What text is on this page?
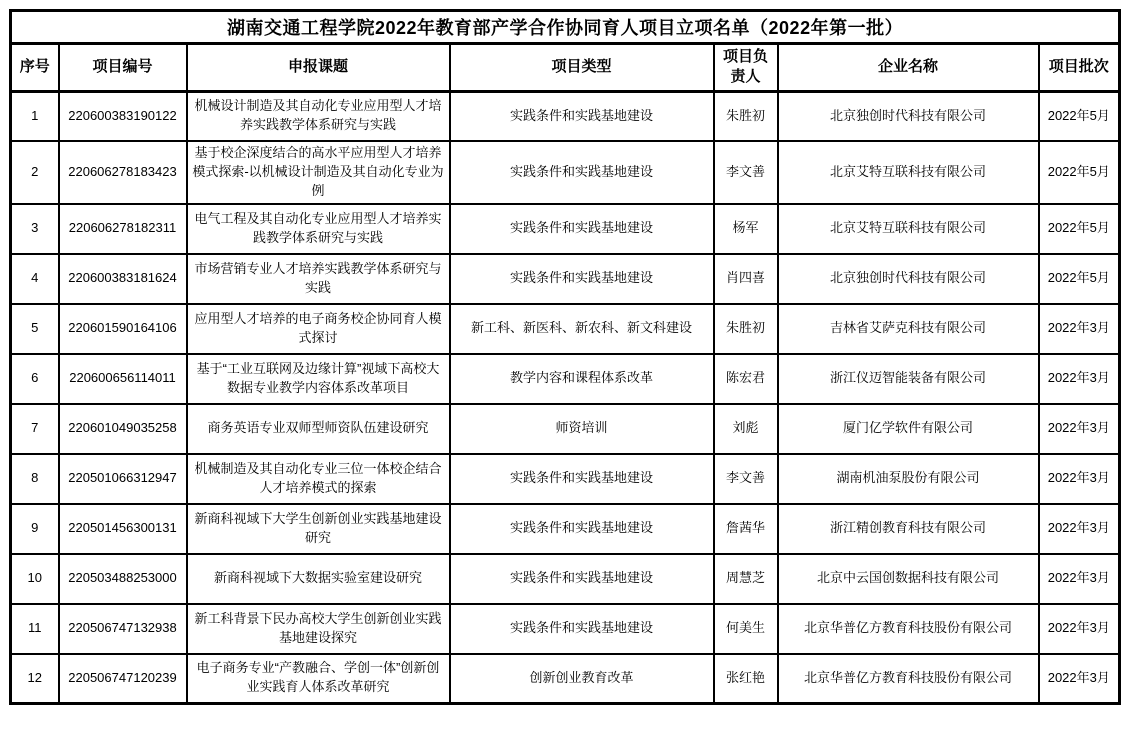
湖南交通工程学院2022年教育部产学合作协同育人项目立项名单（2022年第一批）						
序号	项目编号	申报课题	项目类型	项目负责人	企业名称	项目批次
1	220600383190122	机械设计制造及其自动化专业应用型人才培养实践教学体系研究与实践	实践条件和实践基地建设	朱胜初	北京独创时代科技有限公司	2022年5月
2	220606278183423	基于校企深度结合的高水平应用型人才培养模式探索-以机械设计制造及其自动化专业为例	实践条件和实践基地建设	李文善	北京艾特互联科技有限公司	2022年5月
3	220606278182311	电气工程及其自动化专业应用型人才培养实践教学体系研究与实践	实践条件和实践基地建设	杨军	北京艾特互联科技有限公司	2022年5月
4	220600383181624	市场营销专业人才培养实践教学体系研究与实践	实践条件和实践基地建设	肖四喜	北京独创时代科技有限公司	2022年5月
5	220601590164106	应用型人才培养的电子商务校企协同育人模式探讨	新工科、新医科、新农科、新文科建设	朱胜初	吉林省艾萨克科技有限公司	2022年3月
6	220600656114011	基于“工业互联网及边缘计算”视域下高校大数据专业教学内容体系改革项目	教学内容和课程体系改革	陈宏君	浙江仪迈智能装备有限公司	2022年3月
7	220601049035258	商务英语专业双师型师资队伍建设研究	师资培训	刘彪	厦门亿学软件有限公司	2022年3月
8	220501066312947	机械制造及其自动化专业三位一体校企结合人才培养模式的探索	实践条件和实践基地建设	李文善	湖南机油泵股份有限公司	2022年3月
9	220501456300131	新商科视域下大学生创新创业实践基地建设研究	实践条件和实践基地建设	詹茜华	浙江精创教育科技有限公司	2022年3月
10	220503488253000	新商科视域下大数据实验室建设研究	实践条件和实践基地建设	周慧芝	北京中云国创数据科技有限公司	2022年3月
11	220506747132938	新工科背景下民办高校大学生创新创业实践基地建设探究	实践条件和实践基地建设	何美生	北京华普亿方教育科技股份有限公司	2022年3月
12	220506747120239	电子商务专业“产教融合、学创一体”创新创业实践育人体系改革研究	创新创业教育改革	张红艳	北京华普亿方教育科技股份有限公司	2022年3月
